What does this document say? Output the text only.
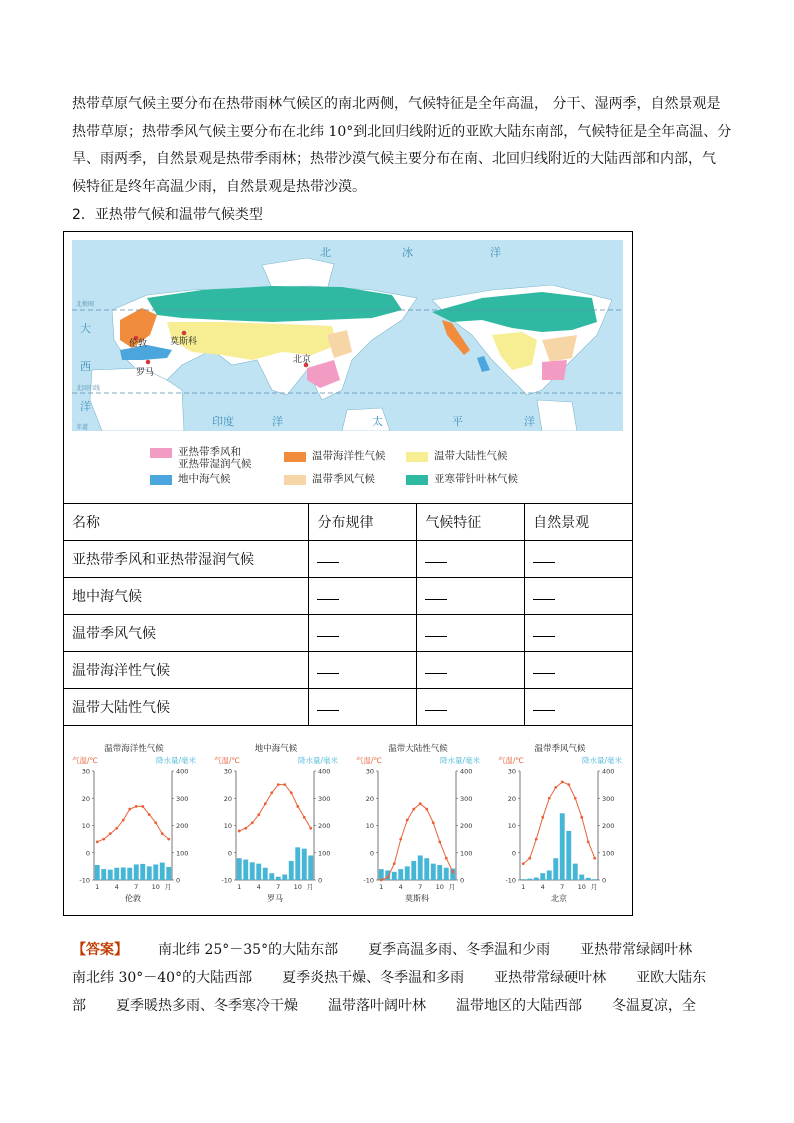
热带草原气候主要分布在热带雨林气候区的南北两侧，气候特征是全年高温， 分干、湿两季，自然景观是
热带草原；热带季风气候主要分布在北纬 10°到北回归线附近的亚欧大陆东南部，气候特征是全年高温、分
旱、雨两季，自然景观是热带季雨林；热带沙漠气候主要分布在南、北回归线附近的大陆西部和内部，气
候特征是终年高温少雨，自然景观是热带沙漠。
2．亚热带气候和温带气候类型
北	冰	洋
大
西
洋
印度	洋	太	平	洋
北极圈
北回归线
赤道
伦敦	莫斯科
罗马
北京
亚热带季风和
亚热带湿润气候
温带海洋性气候	温带大陆性气候
地中海气候	温带季风气候	亚寒带针叶林气候
名称	分布规律	气候特征	自然景观
亚热带季风和亚热带湿润气候			
地中海气候			
温带季风气候			
温带海洋性气候			
温带大陆性气候			
温带海洋性气候
气温/℃	降水量/毫米
30
20
10
0
-10
400
300
200
100
0
1 4 7 10 月
伦敦
地中海气候
气温/℃	降水量/毫米
30
20
10
0
-10
400
300
200
100
0
1 4 7 10 月
罗马
温带大陆性气候
气温/℃	降水量/毫米
30
20
10
0
-10
400
300
200
100
0
1 4 7 10 月
莫斯科
温带季风气候
气温/℃	降水量/毫米
30
20
10
0
-10
400
300
200
100
0
1 4 7 10 月
北京
【答案】 南北纬 25°－35°的大陆东部 夏季高温多雨、冬季温和少雨 亚热带常绿阔叶林
南北纬 30°－40°的大陆西部 夏季炎热干燥、冬季温和多雨 亚热带常绿硬叶林 亚欧大陆东
部 夏季暖热多雨、冬季寒冷干燥 温带落叶阔叶林 温带地区的大陆西部 冬温夏凉，全
